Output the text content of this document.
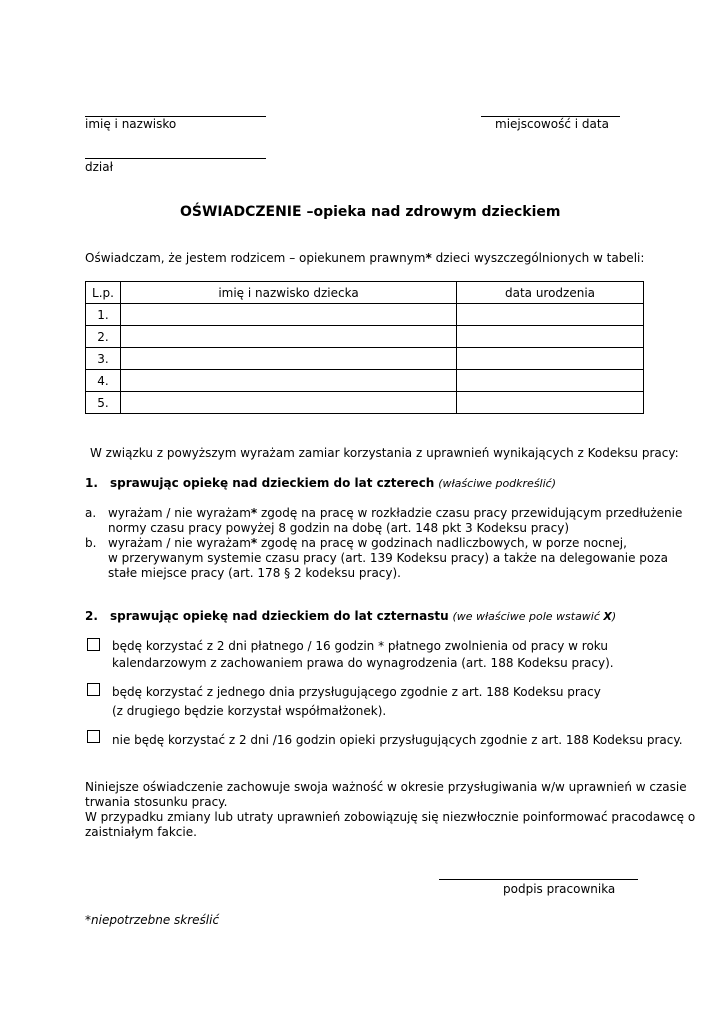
imię i nazwisko	miejscowość i data
dział
OŚWIADCZENIE –opieka nad zdrowym dzieckiem
Oświadczam, że jestem rodzicem – opiekunem prawnym* dzieci wyszczególnionych w tabeli:
L.p.	imię i nazwisko dziecka	data urodzenia
1.		
2.		
3.		
4.		
5.		
W związku z powyższym wyrażam zamiar korzystania z uprawnień wynikających z Kodeksu pracy:
1. sprawując opiekę nad dzieckiem do lat czterech (właściwe podkreślić)
a. wyrażam / nie wyrażam* zgodę na pracę w rozkładzie czasu pracy przewidującym przedłużenie
normy czasu pracy powyżej 8 godzin na dobę (art. 148 pkt 3 Kodeksu pracy)
b. wyrażam / nie wyrażam* zgodę na pracę w godzinach nadliczbowych, w porze nocnej,
w przerywanym systemie czasu pracy (art. 139 Kodeksu pracy) a także na delegowanie poza
stałe miejsce pracy (art. 178 § 2 kodeksu pracy).
2. sprawując opiekę nad dzieckiem do lat czternastu (we właściwe pole wstawić X)
będę korzystać z 2 dni płatnego / 16 godzin * płatnego zwolnienia od pracy w roku
kalendarzowym z zachowaniem prawa do wynagrodzenia (art. 188 Kodeksu pracy).
będę korzystać z jednego dnia przysługującego zgodnie z art. 188 Kodeksu pracy
(z drugiego będzie korzystał współmałżonek).
nie będę korzystać z 2 dni /16 godzin opieki przysługujących zgodnie z art. 188 Kodeksu pracy.
Niniejsze oświadczenie zachowuje swoja ważność w okresie przysługiwania w/w uprawnień w czasie
trwania stosunku pracy.
W przypadku zmiany lub utraty uprawnień zobowiązuję się niezwłocznie poinformować pracodawcę o
zaistniałym fakcie.
podpis pracownika
*niepotrzebne skreślić
